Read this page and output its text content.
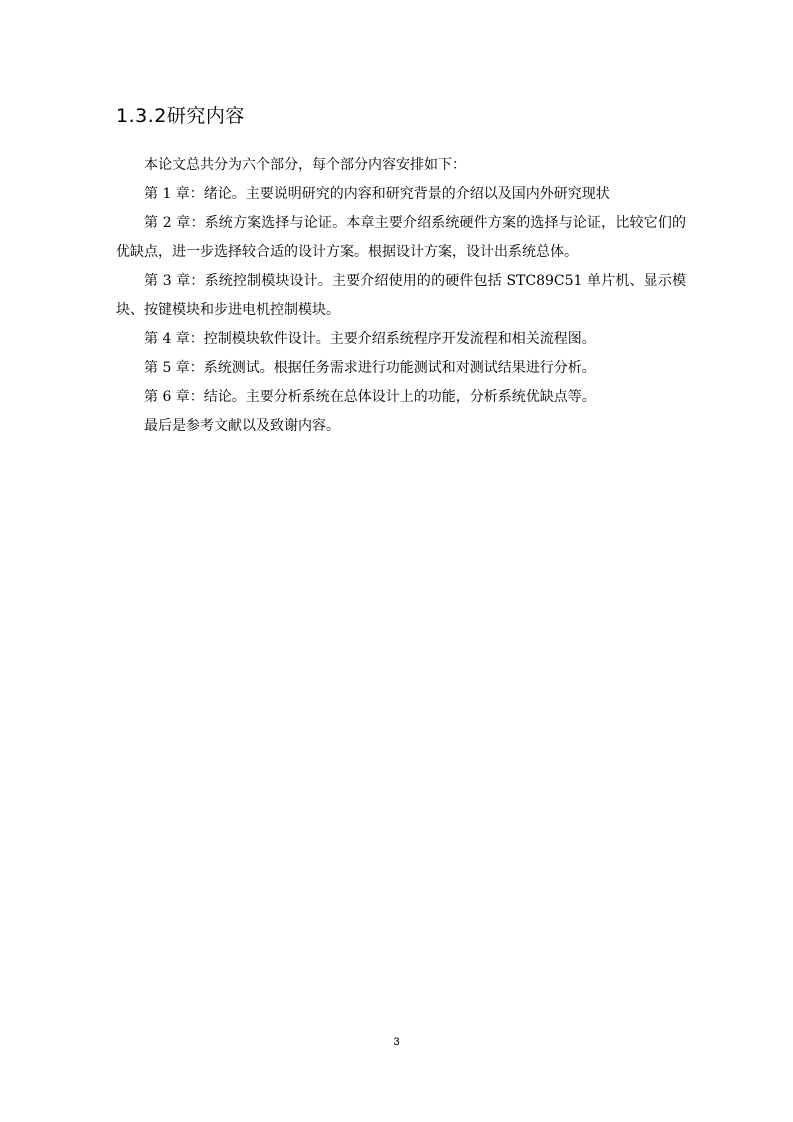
1.3.2研究内容

本论文总共分为六个部分，每个部分内容安排如下：

第 1 章：绪论。主要说明研究的内容和研究背景的介绍以及国内外研究现状

第 2 章：系统方案选择与论证。本章主要介绍系统硬件方案的选择与论证，比较它们的优缺点，进一步选择较合适的设计方案。根据设计方案，设计出系统总体。

第 3 章：系统控制模块设计。主要介绍使用的的硬件包括 STC89C51 单片机、显示模块、按键模块和步进电机控制模块。

第 4 章：控制模块软件设计。主要介绍系统程序开发流程和相关流程图。

第 5 章：系统测试。根据任务需求进行功能测试和对测试结果进行分析。

第 6 章：结论。主要分析系统在总体设计上的功能，分析系统优缺点等。

最后是参考文献以及致谢内容。

3
